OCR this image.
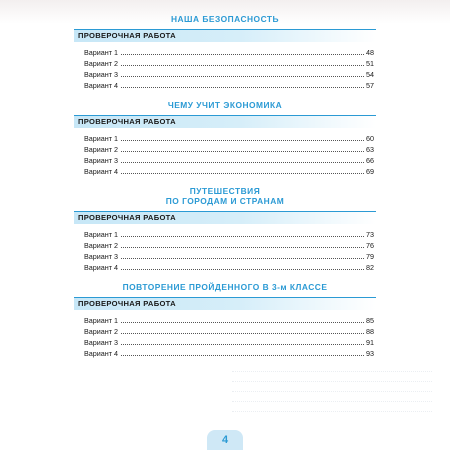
НАША БЕЗОПАСНОСТЬ
ПРОВЕРОЧНАЯ РАБОТА
Вариант 1	48
Вариант 2	51
Вариант 3	54
Вариант 4	57
ЧЕМУ УЧИТ ЭКОНОМИКА
ПРОВЕРОЧНАЯ РАБОТА
Вариант 1	60
Вариант 2	63
Вариант 3	66
Вариант 4	69
ПУТЕШЕСТВИЯ
ПО ГОРОДАМ И СТРАНАМ
ПРОВЕРОЧНАЯ РАБОТА
Вариант 1	73
Вариант 2	76
Вариант 3	79
Вариант 4	82
ПОВТОРЕНИЕ ПРОЙДЕННОГО В 3-м КЛАССЕ
ПРОВЕРОЧНАЯ РАБОТА
Вариант 1	85
Вариант 2	88
Вариант 3	91
Вариант 4	93
4
